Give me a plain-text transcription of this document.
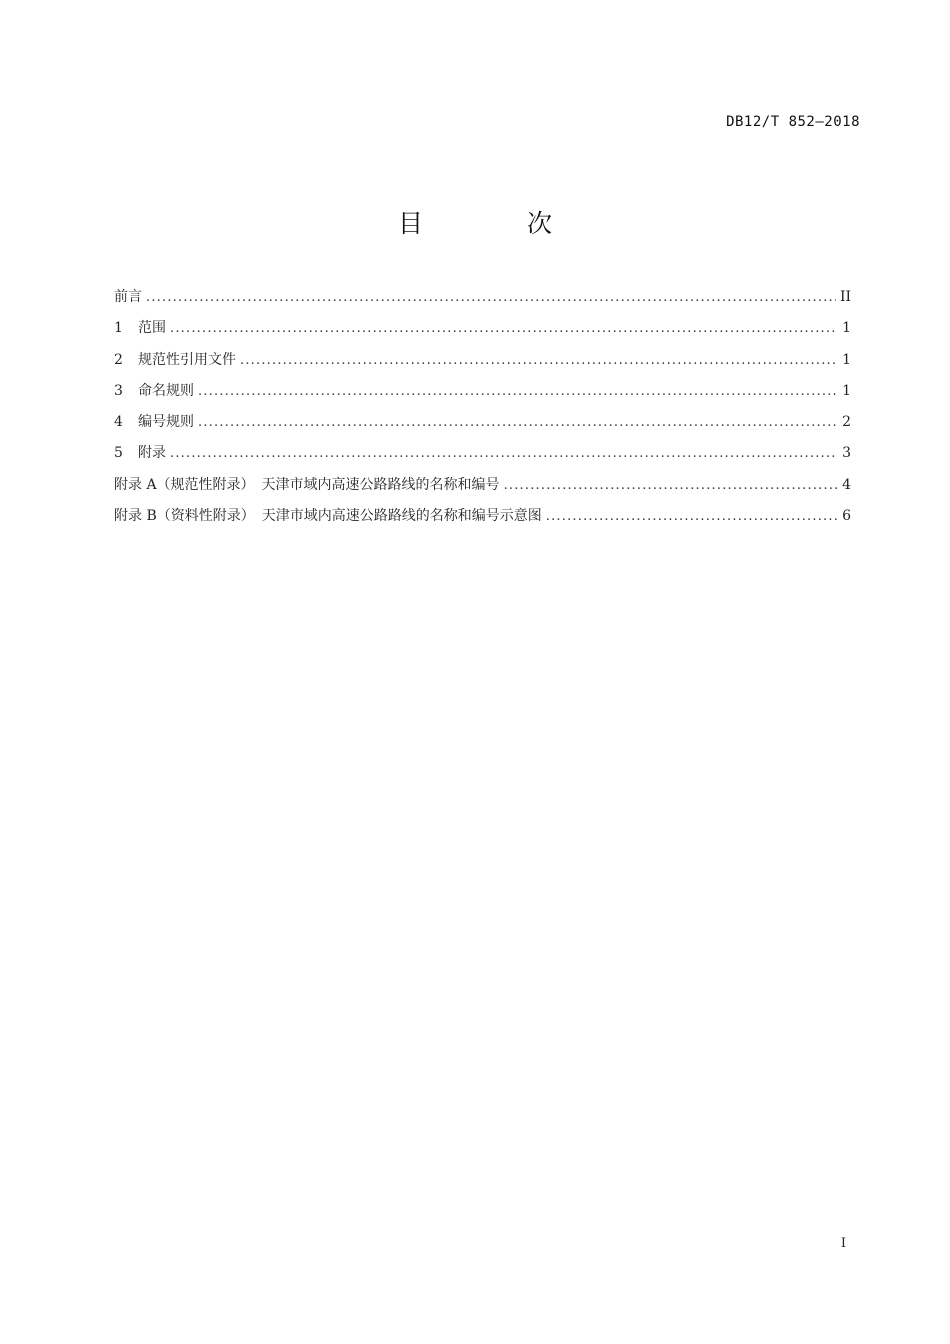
DB12/T 852—2018
目 次
前言 .....	II
1 范围 .....	1
2 规范性引用文件 .....	1
3 命名规则 .....	1
4 编号规则 .....	2
5 附录 .....	3
附录 A（规范性附录）　天津市域内高速公路路线的名称和编号 .....	4
附录 B（资料性附录）　天津市域内高速公路路线的名称和编号示意图 .....	6
I
